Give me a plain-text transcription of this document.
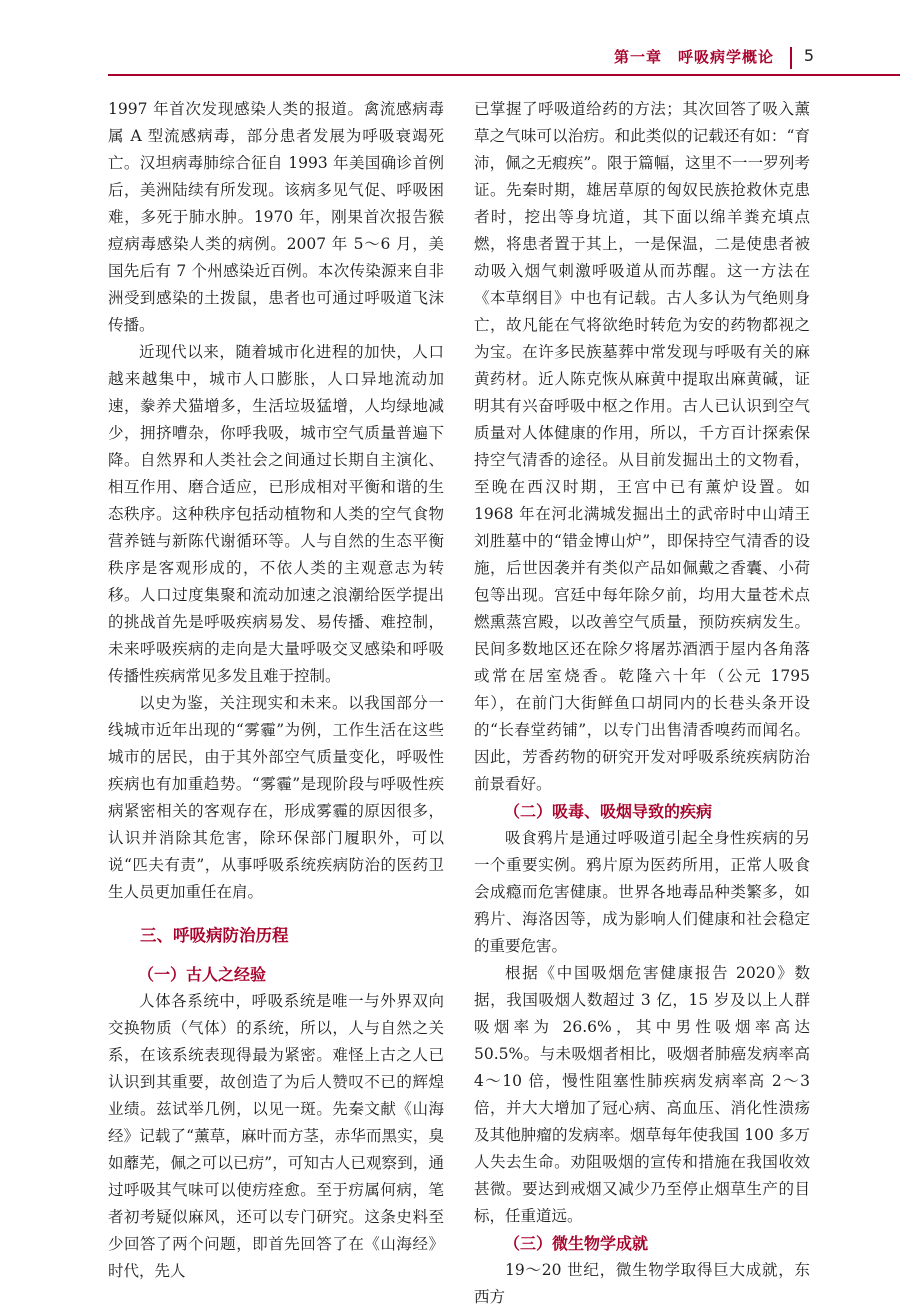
第一章　呼吸病学概论 5

1997 年首次发现感染人类的报道。禽流感病毒属 A 型流感病毒，部分患者发展为呼吸衰竭死亡。汉坦病毒肺综合征自 1993 年美国确诊首例后，美洲陆续有所发现。该病多见气促、呼吸困难，多死于肺水肿。1970 年，刚果首次报告猴痘病毒感染人类的病例。2007 年 5～6 月，美国先后有 7 个州感染近百例。本次传染源来自非洲受到感染的土拨鼠，患者也可通过呼吸道飞沫传播。

近现代以来，随着城市化进程的加快，人口越来越集中，城市人口膨胀，人口异地流动加速，豢养犬猫增多，生活垃圾猛增，人均绿地减少，拥挤嘈杂，你呼我吸，城市空气质量普遍下降。自然界和人类社会之间通过长期自主演化、相互作用、磨合适应，已形成相对平衡和谐的生态秩序。这种秩序包括动植物和人类的空气食物营养链与新陈代谢循环等。人与自然的生态平衡秩序是客观形成的，不依人类的主观意志为转移。人口过度集聚和流动加速之浪潮给医学提出的挑战首先是呼吸疾病易发、易传播、难控制，未来呼吸疾病的走向是大量呼吸交叉感染和呼吸传播性疾病常见多发且难于控制。

以史为鉴，关注现实和未来。以我国部分一线城市近年出现的“雾霾”为例，工作生活在这些城市的居民，由于其外部空气质量变化，呼吸性疾病也有加重趋势。“雾霾”是现阶段与呼吸性疾病紧密相关的客观存在，形成雾霾的原因很多，认识并消除其危害，除环保部门履职外，可以说“匹夫有责”，从事呼吸系统疾病防治的医药卫生人员更加重任在肩。

三、呼吸病防治历程
（一）古人之经验

人体各系统中，呼吸系统是唯一与外界双向交换物质（气体）的系统，所以，人与自然之关系，在该系统表现得最为紧密。难怪上古之人已认识到其重要，故创造了为后人赞叹不已的辉煌业绩。兹试举几例，以见一斑。先秦文献《山海经》记载了“薰草，麻叶而方茎，赤华而黑实，臭如蘼芜，佩之可以已疠”，可知古人已观察到，通过呼吸其气味可以使疠痊愈。至于疠属何病，笔者初考疑似麻风，还可以专门研究。这条史料至少回答了两个问题，即首先回答了在《山海经》时代，先人

已掌握了呼吸道给药的方法；其次回答了吸入薰草之气味可以治疠。和此类似的记载还有如：“育沛，佩之无瘕疾”。限于篇幅，这里不一一罗列考证。先秦时期，雄居草原的匈奴民族抢救休克患者时，挖出等身坑道，其下面以绵羊粪充填点燃，将患者置于其上，一是保温，二是使患者被动吸入烟气刺激呼吸道从而苏醒。这一方法在《本草纲目》中也有记载。古人多认为气绝则身亡，故凡能在气将欲绝时转危为安的药物都视之为宝。在许多民族墓葬中常发现与呼吸有关的麻黄药材。近人陈克恢从麻黄中提取出麻黄碱，证明其有兴奋呼吸中枢之作用。古人已认识到空气质量对人体健康的作用，所以，千方百计探索保持空气清香的途径。从目前发掘出土的文物看，至晚在西汉时期，王宫中已有薰炉设置。如 1968 年在河北满城发掘出土的武帝时中山靖王刘胜墓中的“错金博山炉”，即保持空气清香的设施，后世因袭并有类似产品如佩戴之香囊、小荷包等出现。宫廷中每年除夕前，均用大量苍术点燃熏蒸宫殿，以改善空气质量，预防疾病发生。民间多数地区还在除夕将屠苏酒洒于屋内各角落或常在居室烧香。乾隆六十年（公元 1795 年），在前门大街鲜鱼口胡同内的长巷头条开设的“长春堂药铺”，以专门出售清香嗅药而闻名。因此，芳香药物的研究开发对呼吸系统疾病防治前景看好。

（二）吸毒、吸烟导致的疾病

吸食鸦片是通过呼吸道引起全身性疾病的另一个重要实例。鸦片原为医药所用，正常人吸食会成瘾而危害健康。世界各地毒品种类繁多，如鸦片、海洛因等，成为影响人们健康和社会稳定的重要危害。

根据《中国吸烟危害健康报告 2020》数据，我国吸烟人数超过 3 亿，15 岁及以上人群吸烟率为 26.6%，其中男性吸烟率高达 50.5%。与未吸烟者相比，吸烟者肺癌发病率高 4～10 倍，慢性阻塞性肺疾病发病率高 2～3 倍，并大大增加了冠心病、高血压、消化性溃疡及其他肿瘤的发病率。烟草每年使我国 100 多万人失去生命。劝阻吸烟的宣传和措施在我国收效甚微。要达到戒烟又减少乃至停止烟草生产的目标，任重道远。

（三）微生物学成就

19～20 世纪，微生物学取得巨大成就，东西方
